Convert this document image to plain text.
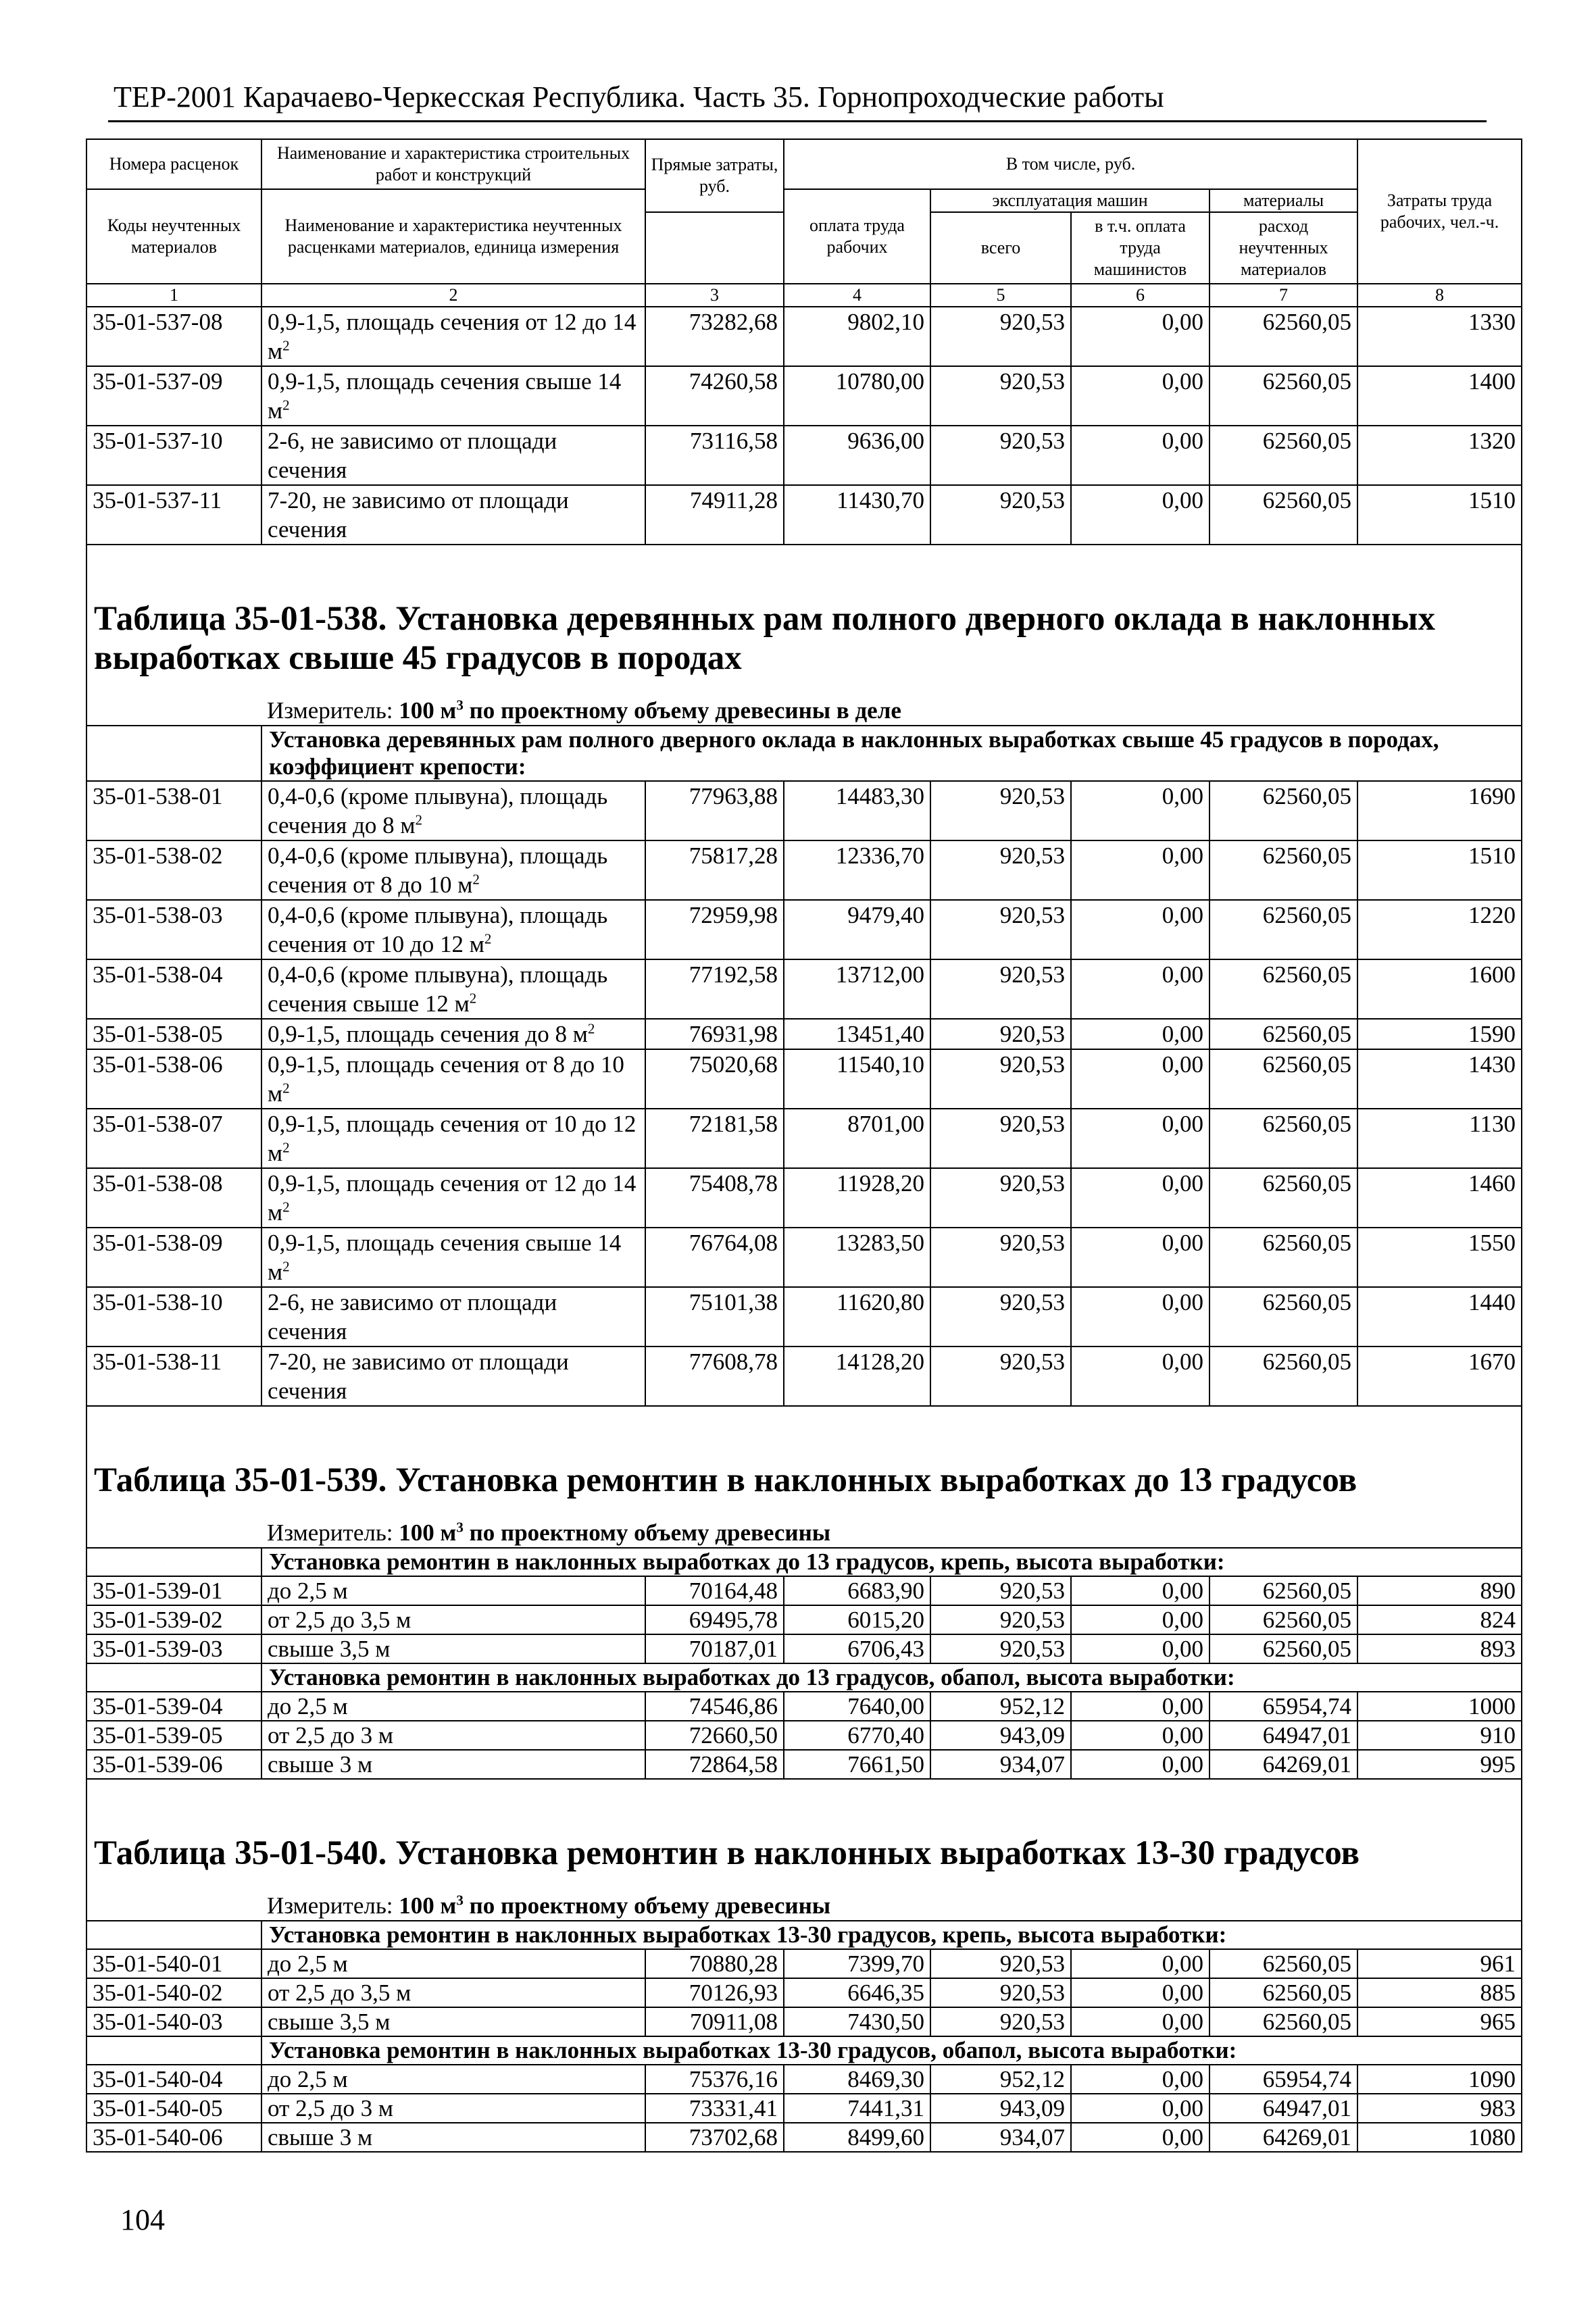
ТЕР-2001 Карачаево-Черкесская Республика. Часть 35. Горнопроходческие работы
Номера расценок	Наименование и характеристика строительных работ и конструкций	Прямые затраты, руб.	В том числе, руб.				Затраты труда рабочих, чел.-ч.
Коды неучтенных материалов	Наименование и характеристика неучтенных расценками материалов, единица измерения		оплата труда рабочих	эксплуатация машин		материалы	
				всего	в т.ч. оплата труда машинистов	расход неучтенных материалов	

1	2	3	4	5	6	7	8
35-01-537-08	0,9-1,5, площадь сечения от 12 до 14 $м^2$	73282,68	9802,10	920,53	0,00	62560,05	1330
35-01-537-09	0,9-1,5, площадь сечения свыше 14 $м^2$	74260,58	10780,00	920,53	0,00	62560,05	1400
35-01-537-10	2-6, не зависимо от площади сечения	73116,58	9636,00	920,53	0,00	62560,05	1320
35-01-537-11	7-20, не зависимо от площади сечения	74911,28	11430,70	920,53	0,00	62560,05	1510

Таблица 35-01-538. Установка деревянных рам полного дверного оклада в наклонных выработках свыше 45 градусов в породах							
	Измеритель: 100 $м^3$ по проектному объему древесины в деле						
	Установка деревянных рам полного дверного оклада в наклонных выработках свыше 45 градусов в породах, коэффициент крепости:						
35-01-538-01	0,4-0,6 (кроме плывуна), площадь сечения до 8 $м^2$	77963,88	14483,30	920,53	0,00	62560,05	1690
35-01-538-02	0,4-0,6 (кроме плывуна), площадь сечения от 8 до 10 $м^2$	75817,28	12336,70	920,53	0,00	62560,05	1510
35-01-538-03	0,4-0,6 (кроме плывуна), площадь сечения от 10 до 12 $м^2$	72959,98	9479,40	920,53	0,00	62560,05	1220
35-01-538-04	0,4-0,6 (кроме плывуна), площадь сечения свыше 12 $м^2$	77192,58	13712,00	920,53	0,00	62560,05	1600
35-01-538-05	0,9-1,5, площадь сечения до 8 $м^2$	76931,98	13451,40	920,53	0,00	62560,05	1590
35-01-538-06	0,9-1,5, площадь сечения от 8 до 10 $м^2$	75020,68	11540,10	920,53	0,00	62560,05	1430
35-01-538-07	0,9-1,5, площадь сечения от 10 до 12 $м^2$	72181,58	8701,00	920,53	0,00	62560,05	1130
35-01-538-08	0,9-1,5, площадь сечения от 12 до 14 $м^2$	75408,78	11928,20	920,53	0,00	62560,05	1460
35-01-538-09	0,9-1,5, площадь сечения свыше 14 $м^2$	76764,08	13283,50	920,53	0,00	62560,05	1550
35-01-538-10	2-6, не зависимо от площади сечения	75101,38	11620,80	920,53	0,00	62560,05	1440
35-01-538-11	7-20, не зависимо от площади сечения	77608,78	14128,20	920,53	0,00	62560,05	1670

Таблица 35-01-539. Установка ремонтин в наклонных выработках до 13 градусов							
	Измеритель: 100 $м^3$ по проектному объему древесины						
	Установка ремонтин в наклонных выработках до 13 градусов, крепь, высота выработки:						
35-01-539-01	до 2,5 м	70164,48	6683,90	920,53	0,00	62560,05	890
35-01-539-02	от 2,5 до 3,5 м	69495,78	6015,20	920,53	0,00	62560,05	824
35-01-539-03	свыше 3,5 м	70187,01	6706,43	920,53	0,00	62560,05	893
	Установка ремонтин в наклонных выработках до 13 градусов, обапол, высота выработки:						
35-01-539-04	до 2,5 м	74546,86	7640,00	952,12	0,00	65954,74	1000
35-01-539-05	от 2,5 до 3 м	72660,50	6770,40	943,09	0,00	64947,01	910
35-01-539-06	свыше 3 м	72864,58	7661,50	934,07	0,00	64269,01	995

Таблица 35-01-540. Установка ремонтин в наклонных выработках 13-30 градусов							
	Измеритель: 100 $м^3$ по проектному объему древесины						
	Установка ремонтин в наклонных выработках 13-30 градусов, крепь, высота выработки:						
35-01-540-01	до 2,5 м	70880,28	7399,70	920,53	0,00	62560,05	961
35-01-540-02	от 2,5 до 3,5 м	70126,93	6646,35	920,53	0,00	62560,05	885
35-01-540-03	свыше 3,5 м	70911,08	7430,50	920,53	0,00	62560,05	965
	Установка ремонтин в наклонных выработках 13-30 градусов, обапол, высота выработки:						
35-01-540-04	до 2,5 м	75376,16	8469,30	952,12	0,00	65954,74	1090
35-01-540-05	от 2,5 до 3 м	73331,41	7441,31	943,09	0,00	64947,01	983
35-01-540-06	свыше 3 м	73702,68	8499,60	934,07	0,00	64269,01	1080
104
